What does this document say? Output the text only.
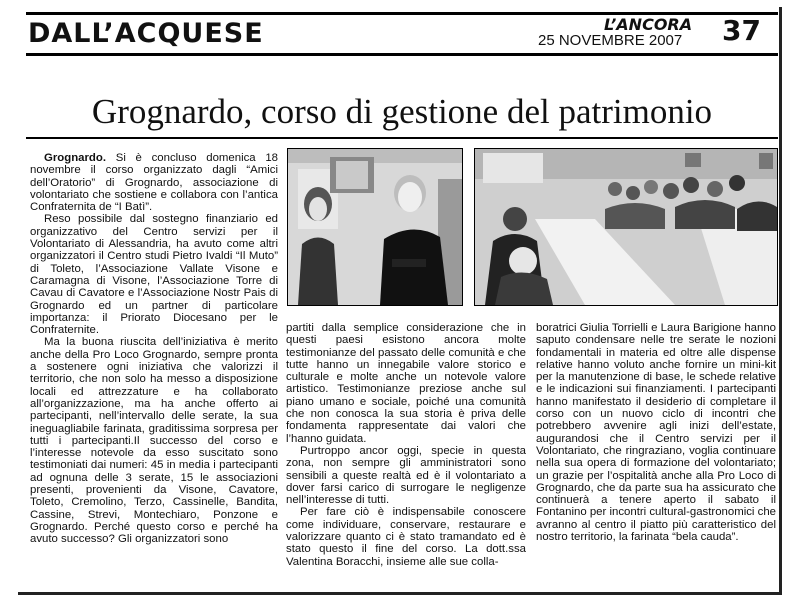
DALL’ACQUESE	L’ANCORA
25 NOVEMBRE 2007 37
Grognardo, corso di gestione del patrimonio

Grognardo. Si è concluso domenica 18 novembre il corso organizzato dagli “Amici dell’Oratorio” di Grognardo, associazione di volontariato che sostiene e collabora con l’antica Confraternita de “I Batì”.

Reso possibile dal sostegno finanziario ed organizzativo del Centro servizi per il Volontariato di Alessandria, ha avuto come altri organizzatori il Centro studi Pietro Ivaldi “Il Muto” di Toleto, l’Associazione Vallate Visone e Caramagna di Visone, l’Associazione Torre di Cavau di Cavatore e l’Associazione Nostr Pais di Grognardo ed un partner di particolare importanza: il Priorato Diocesano per le Confraternite.

Ma la buona riuscita dell’iniziativa è merito anche della Pro Loco Grognardo, sempre pronta a sostenere ogni iniziativa che valorizzi il territorio, che non solo ha messo a disposizione locali ed attrezzature e ha collaborato all’organizzazione, ma ha anche offerto ai partecipanti, nell’intervallo delle serate, la sua ineguagliabile farinata, graditissima sorpresa per tutti i partecipanti.Il successo del corso e l’interesse notevole da esso suscitato sono testimoniati dai numeri: 45 in media i partecipanti ad ognuna delle 3 serate, 15 le associazioni presenti, provenienti da Visone, Cavatore, Toleto, Cremolino, Terzo, Cassinelle, Bandita, Cassine, Strevi, Montechiaro, Ponzone e Grognardo. Perché questo corso e perché ha avuto successo? Gli organizzatori sono

partiti dalla semplice considerazione che in questi paesi esistono ancora molte testimonianze del passato delle comunità e che tutte hanno un innegabile valore storico e culturale e molte anche un notevole valore artistico. Testimonianze preziose anche sul piano umano e sociale, poiché una comunità che non conosca la sua storia è priva delle fondamenta rappresentate dai valori che l’hanno guidata.

Purtroppo ancor oggi, specie in questa zona, non sempre gli amministratori sono sensibili a queste realtà ed è il volontariato a dover farsi carico di surrogare le negligenze nell’interesse di tutti.

Per fare ciò è indispensabile conoscere come individuare, conservare, restaurare e valorizzare quanto ci è stato tramandato ed è stato questo il fine del corso. La dott.ssa Valentina Boracchi, insieme alle sue colla-

boratrici Giulia Torrielli e Laura Barigione hanno saputo condensare nelle tre serate le nozioni fondamentali in materia ed oltre alle dispense relative hanno voluto anche fornire un mini-kit per la manutenzione di base, le schede relative e le indicazioni sui finanziamenti. I partecipanti hanno manifestato il desiderio di completare il corso con un nuovo ciclo di incontri che potrebbero avvenire agli inizi dell’estate, augurandosi che il Centro servizi per il Volontariato, che ringraziano, voglia continuare nella sua opera di formazione del volontariato; un grazie per l’ospitalità anche alla Pro Loco di Grognardo, che da parte sua ha assicurato che continuerà a tenere aperto il sabato il Fontanino per incontri cultural-gastronomici che avranno al centro il piatto più caratteristico del nostro territorio, la farinata “bela cauda”.
